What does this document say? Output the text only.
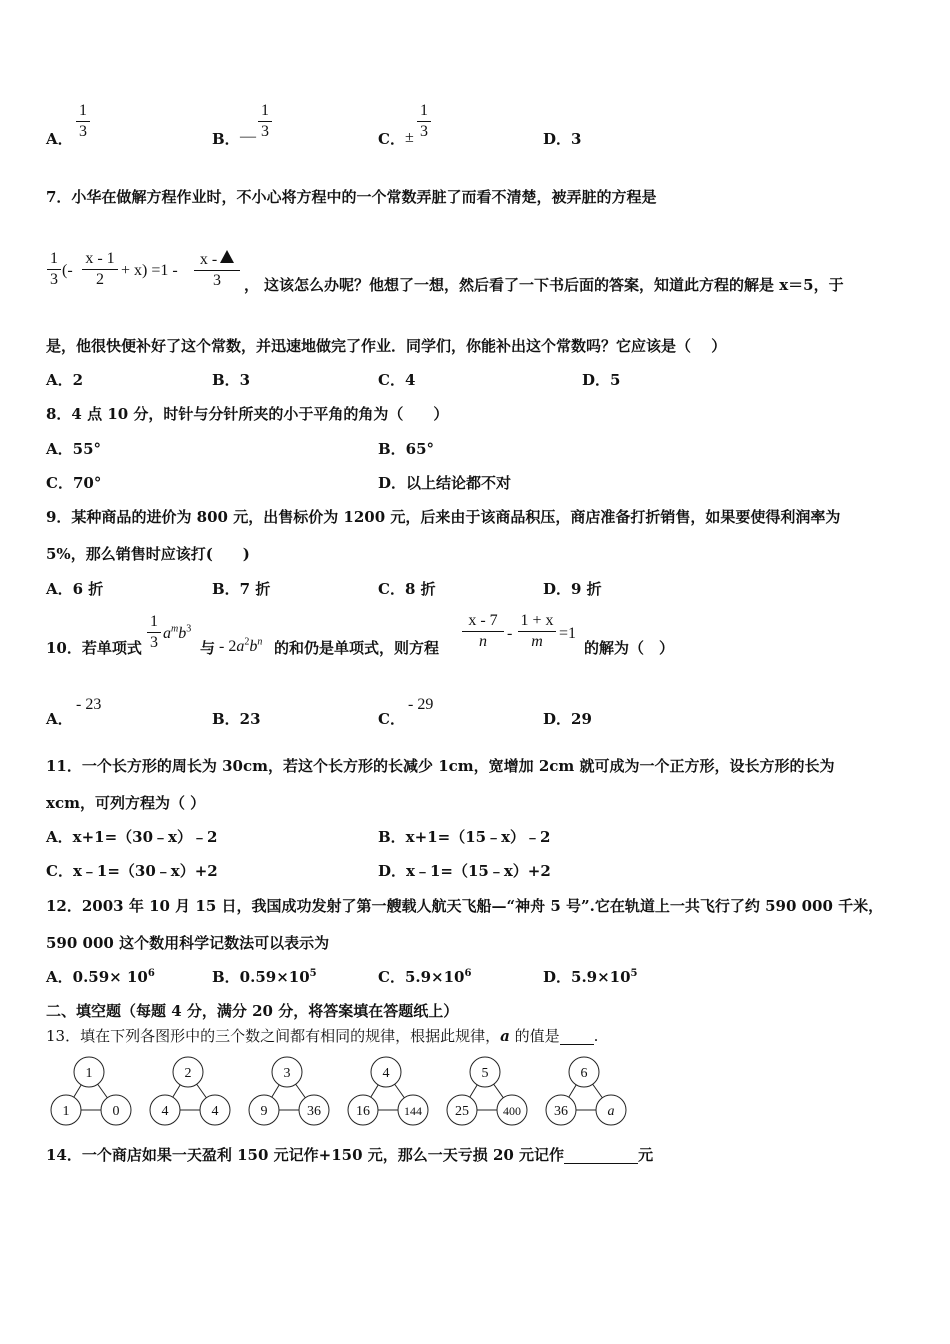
A．
1
3	B． —
1
3	C． ±
1
3	D．3
7．小华在做解方程作业时，不小心将方程中的一个常数弄脏了而看不清楚，被弄脏的方程是
1
3
(-
x - 1
2
+ x) =1 -
x -
3	， 这该怎么办呢？他想了一想，然后看了一下书后面的答案，知道此方程的解是 x＝5，于
是，他很快便补好了这个常数，并迅速地做完了作业．同学们，你能补出这个常数吗？它应该是（　 ）
A．2	B．3	C．4	D．5
8．4 点 10 分，时针与分针所夹的小于平角的角为（　　）
A．55°	B．65°
C．70°	D．以上结论都不对
9．某种商品的进价为 800 元，出售标价为 1200 元，后来由于该商品积压，商店准备打折销售，如果要使得利润率为
5%，那么销售时应该打(　　)
A．6 折	B．7 折	C．8 折	D．9 折
10．若单项式
1
3
$a^mb^3$
与 - $2a^2b^n$ 的和仍是单项式，则方程
x - 7
n	-
1 + x
m	=1
的解为（　）
A．
- 23
B．23	C．
- 29
D．29
11．一个长方形的周长为 30cm，若这个长方形的长减少 1cm，宽增加 2cm 就可成为一个正方形，设长方形的长为
xcm，可列方程为（ ）
A．x+1=（30﹣x）﹣2	B．x+1=（15﹣x）﹣2
C．x﹣1=（30﹣x）+2	D．x﹣1=（15﹣x）+2
12．2003 年 10 月 15 日，我国成功发射了第一艘载人航天飞船—“神舟 5 号”.它在轨道上一共飞行了约 590 000 千米，
590 000 这个数用科学记数法可以表示为
A．$0.59\times 10^6$	B．$0.59\times 10^5$	C．$5.9\times 10^6$	D．$5.9\times 10^5$
二、填空题（每题 4 分，满分 20 分，将答案填在答题纸上）
13．填在下列各图形中的三个数之间都有相同的规律，根据此规律，a 的值是 .
1
1	0
2
4	4
3
9	36
4
16	144
5
25	400
6
36	a
14．一个商店如果一天盈利 150 元记作+150 元，那么一天亏损 20 元记作	元
